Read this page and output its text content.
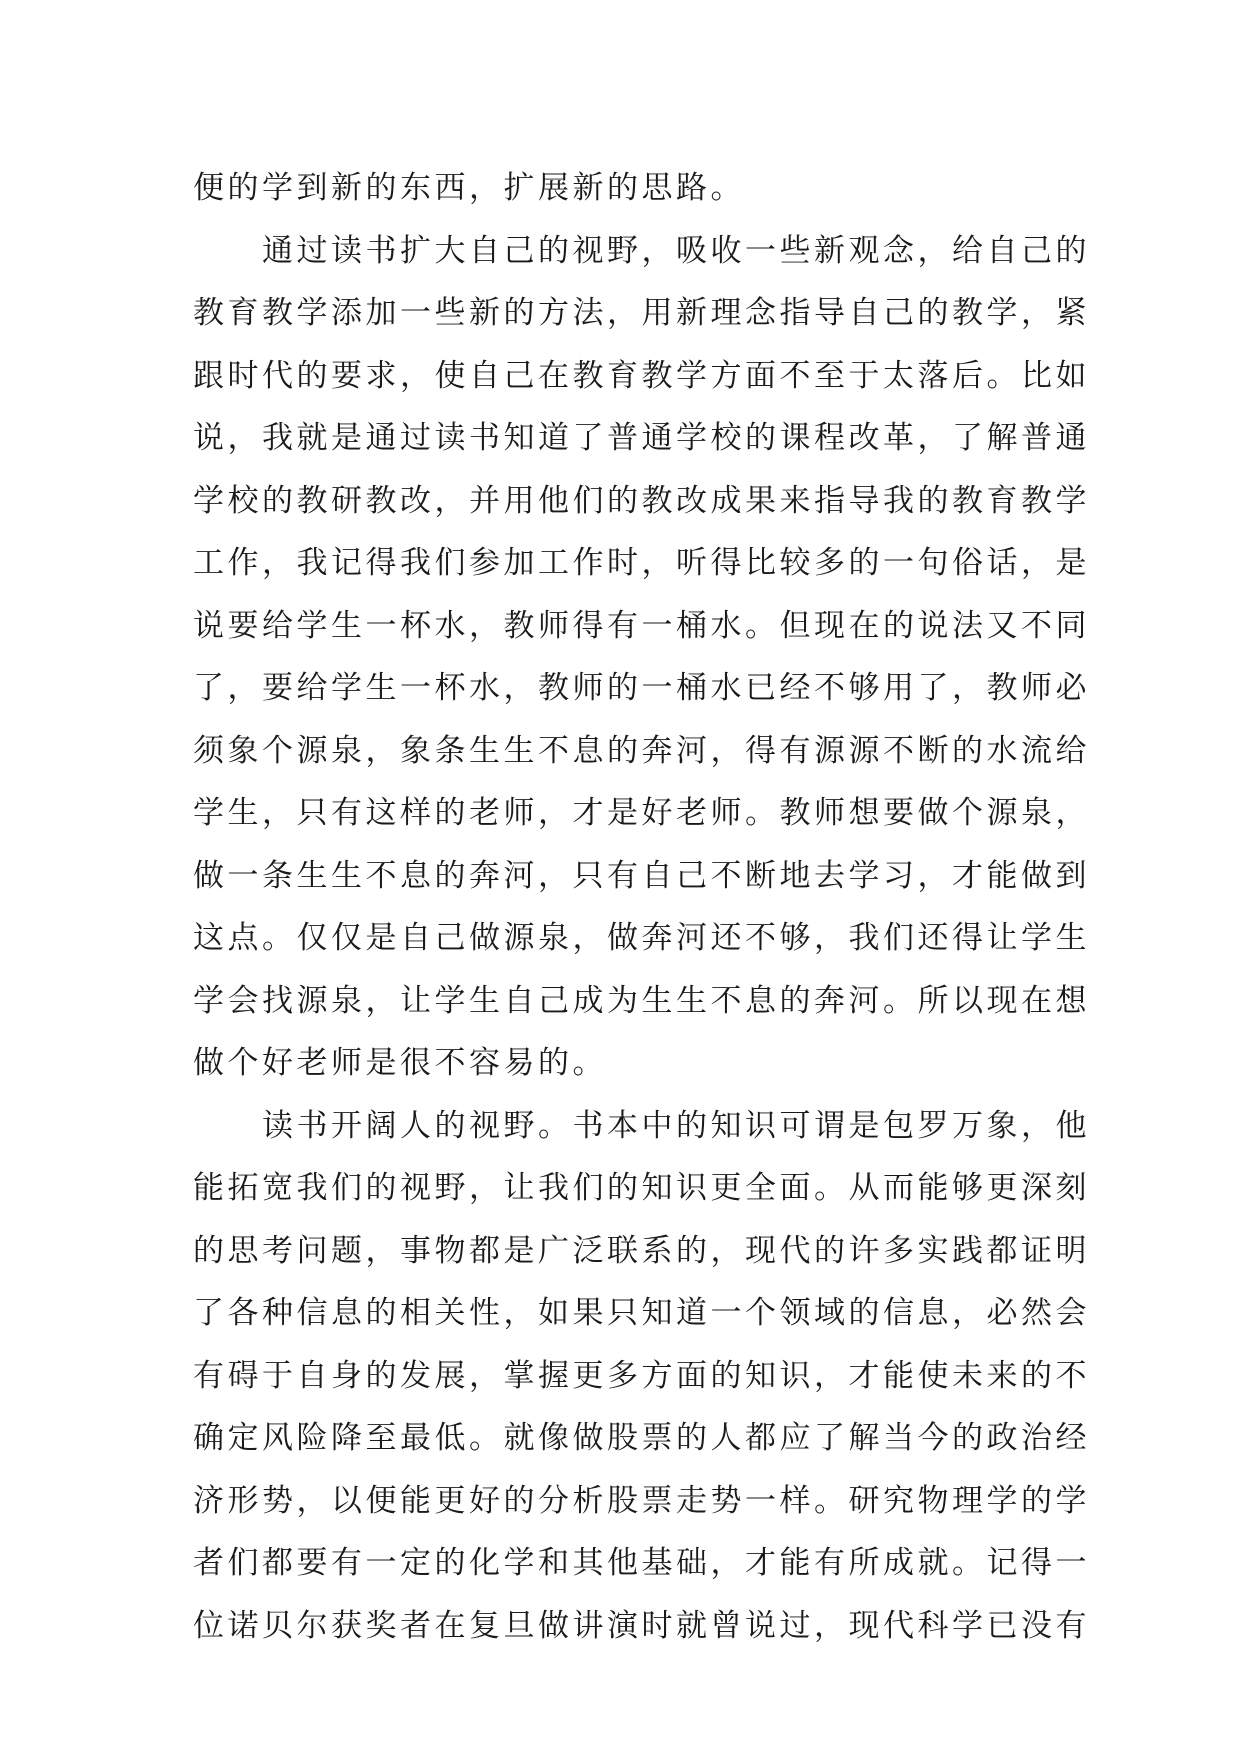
便的学到新的东西，扩展新的思路。
　　通过读书扩大自己的视野，吸收一些新观念，给自己的
教育教学添加一些新的方法，用新理念指导自己的教学，紧
跟时代的要求，使自己在教育教学方面不至于太落后。比如
说，我就是通过读书知道了普通学校的课程改革，了解普通
学校的教研教改，并用他们的教改成果来指导我的教育教学
工作，我记得我们参加工作时，听得比较多的一句俗话，是
说要给学生一杯水，教师得有一桶水。但现在的说法又不同
了，要给学生一杯水，教师的一桶水已经不够用了，教师必
须象个源泉，象条生生不息的奔河，得有源源不断的水流给
学生，只有这样的老师，才是好老师。教师想要做个源泉，
做一条生生不息的奔河，只有自己不断地去学习，才能做到
这点。仅仅是自己做源泉，做奔河还不够，我们还得让学生
学会找源泉，让学生自己成为生生不息的奔河。所以现在想
做个好老师是很不容易的。
　　读书开阔人的视野。书本中的知识可谓是包罗万象，他
能拓宽我们的视野，让我们的知识更全面。从而能够更深刻
的思考问题，事物都是广泛联系的，现代的许多实践都证明
了各种信息的相关性，如果只知道一个领域的信息，必然会
有碍于自身的发展，掌握更多方面的知识，才能使未来的不
确定风险降至最低。就像做股票的人都应了解当今的政治经
济形势，以便能更好的分析股票走势一样。研究物理学的学
者们都要有一定的化学和其他基础，才能有所成就。记得一
位诺贝尔获奖者在复旦做讲演时就曾说过，现代科学已没有
